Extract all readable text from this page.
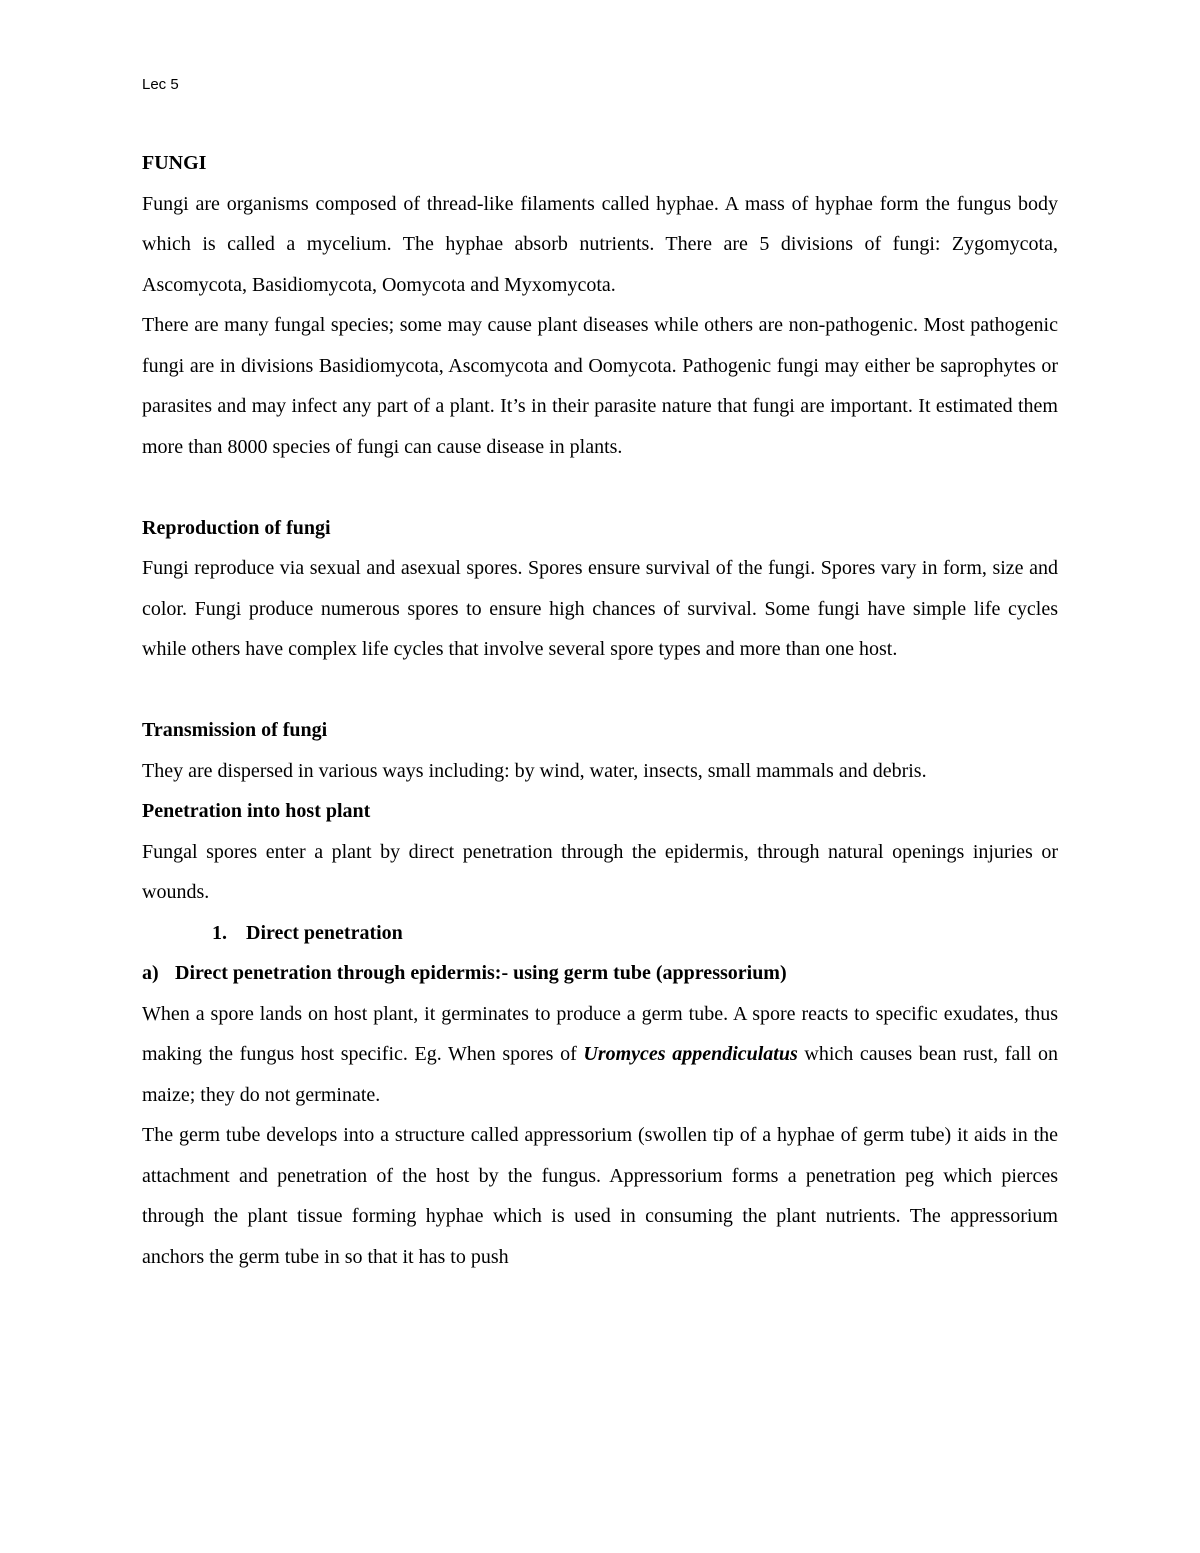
Lec 5
FUNGI

Fungi are organisms composed of thread-like filaments called hyphae. A mass of hyphae form the fungus body which is called a mycelium. The hyphae absorb nutrients. There are 5 divisions of fungi: Zygomycota, Ascomycota, Basidiomycota, Oomycota and Myxomycota.

There are many fungal species; some may cause plant diseases while others are non-pathogenic. Most pathogenic fungi are in divisions Basidiomycota, Ascomycota and Oomycota. Pathogenic fungi may either be saprophytes or parasites and may infect any part of a plant. It’s in their parasite nature that fungi are important. It estimated them more than 8000 species of fungi can cause disease in plants.

Reproduction of fungi

Fungi reproduce via sexual and asexual spores. Spores ensure survival of the fungi. Spores vary in form, size and color. Fungi produce numerous spores to ensure high chances of survival. Some fungi have simple life cycles while others have complex life cycles that involve several spore types and more than one host.

Transmission of fungi

They are dispersed in various ways including: by wind, water, insects, small mammals and debris.

Penetration into host plant

Fungal spores enter a plant by direct penetration through the epidermis, through natural openings injuries or wounds.

1. Direct penetration
a) Direct penetration through epidermis:- using germ tube (appressorium)

When a spore lands on host plant, it germinates to produce a germ tube. A spore reacts to specific exudates, thus making the fungus host specific. Eg. When spores of Uromyces appendiculatus which causes bean rust, fall on maize; they do not germinate.

The germ tube develops into a structure called appressorium (swollen tip of a hyphae of germ tube) it aids in the attachment and penetration of the host by the fungus. Appressorium forms a penetration peg which pierces through the plant tissue forming hyphae which is used in consuming the plant nutrients. The appressorium anchors the germ tube in so that it has to push
